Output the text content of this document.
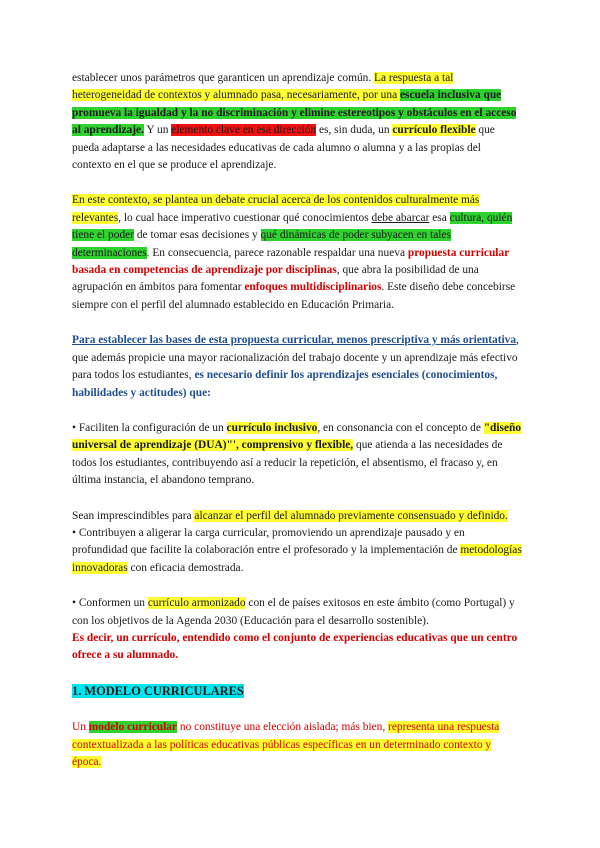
establecer unos parámetros que garanticen un aprendizaje común. La respuesta a tal heterogeneidad de contextos y alumnado pasa, necesariamente, por una escuela inclusiva que promueva la igualdad y la no discriminación y elimine estereotipos y obstáculos en el acceso al aprendizaje. Y un elemento clave en esa dirección es, sin duda, un currículo flexible que pueda adaptarse a las necesidades educativas de cada alumno o alumna y a las propias del contexto en el que se produce el aprendizaje.

En este contexto, se plantea un debate crucial acerca de los contenidos culturalmente más relevantes, lo cual hace imperativo cuestionar qué conocimientos debe abarcar esa cultura, quién tiene el poder de tomar esas decisiones y qué dinámicas de poder subyacen en tales determinaciones. En consecuencia, parece razonable respaldar una nueva propuesta curricular basada en competencias de aprendizaje por disciplinas, que abra la posibilidad de una agrupación en ámbitos para fomentar enfoques multidisciplinarios. Este diseño debe concebirse siempre con el perfil del alumnado establecido en Educación Primaria.

Para establecer las bases de esta propuesta curricular, menos prescriptiva y más orientativa, que además propicie una mayor racionalización del trabajo docente y un aprendizaje más efectivo para todos los estudiantes, es necesario definir los aprendizajes esenciales (conocimientos, habilidades y actitudes) que:

• Faciliten la configuración de un currículo inclusivo, en consonancia con el concepto de "diseño universal de aprendizaje (DUA)"', comprensivo y flexible, que atienda a las necesidades de todos los estudiantes, contribuyendo así a reducir la repetición, el absentismo, el fracaso y, en última instancia, el abandono temprano.

Sean imprescindibles para alcanzar el perfil del alumnado previamente consensuado y definido.

• Contribuyen a aligerar la carga curricular, promoviendo un aprendizaje pausado y en profundidad que facilite la colaboración entre el profesorado y la implementación de metodologías innovadoras con eficacia demostrada.

• Conformen un currículo armonizado con el de países exitosos en este ámbito (como Portugal) y con los objetivos de la Agenda 2030 (Educación para el desarrollo sostenible).

Es decir, un currículo, entendido como el conjunto de experiencias educativas que un centro ofrece a su alumnado.

1. MODELO CURRICULARES

Un modelo curricular no constituye una elección aislada; más bien, representa una respuesta contextualizada a las políticas educativas públicas específicas en un determinado contexto y época.
